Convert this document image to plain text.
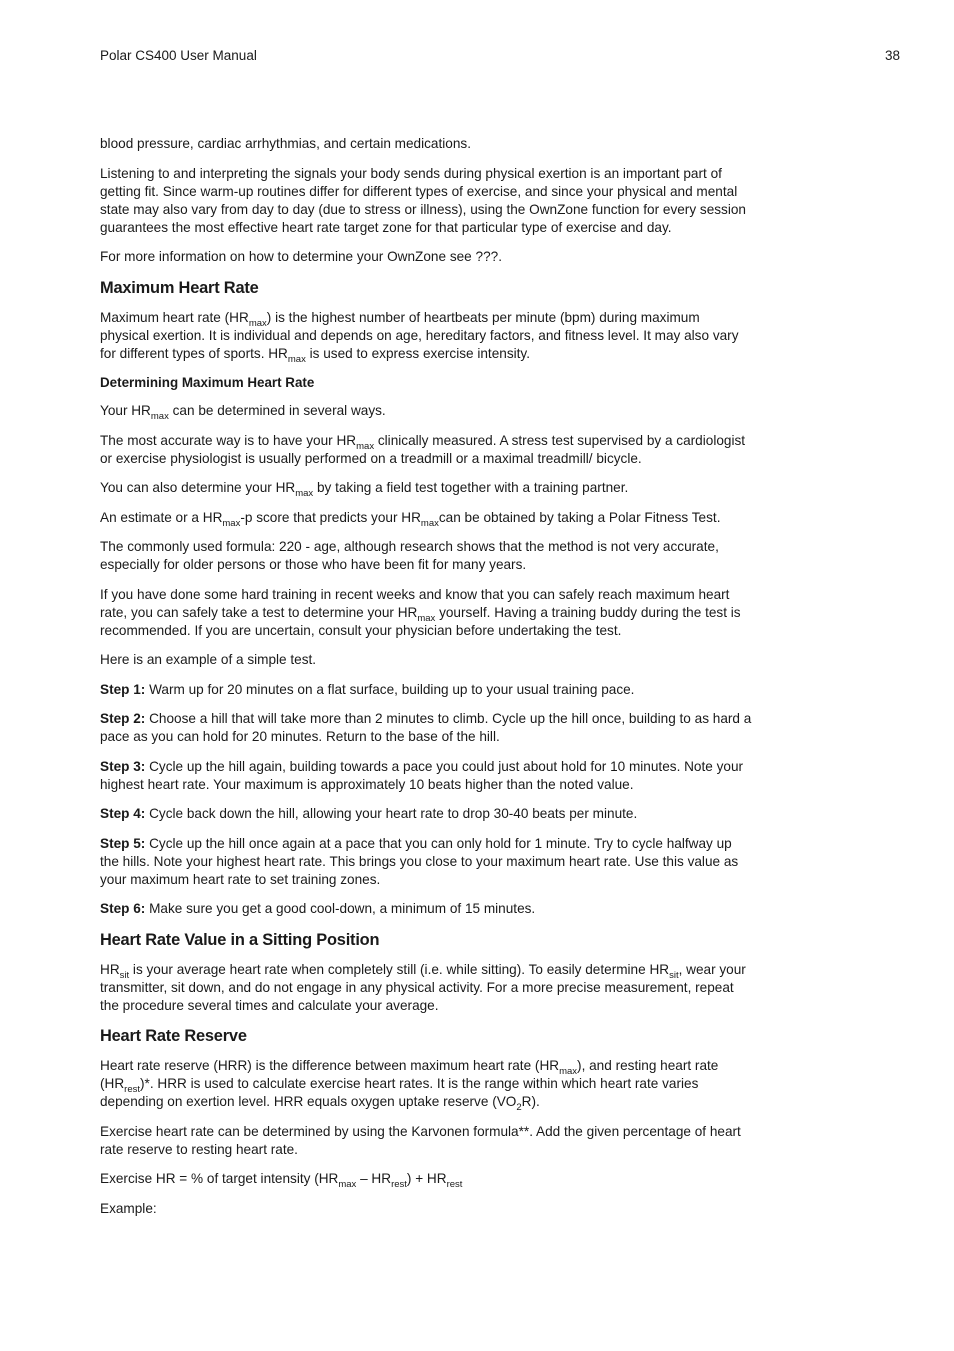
Polar CS400 User Manual	38

blood pressure, cardiac arrhythmias, and certain medications.

Listening to and interpreting the signals your body sends during physical exertion is an important part of getting fit. Since warm-up routines differ for different types of exercise, and since your physical and mental state may also vary from day to day (due to stress or illness), using the OwnZone function for every session guarantees the most effective heart rate target zone for that particular type of exercise and day.

For more information on how to determine your OwnZone see ???.

Maximum Heart Rate

Maximum heart rate $(HR_{max})$ is the highest number of heartbeats per minute (bpm) during maximum physical exertion. It is individual and depends on age, hereditary factors, and fitness level. It may also vary for different types of sports. $HR_{max}$ is used to express exercise intensity.

Determining Maximum Heart Rate

Your $HR_{max}$ can be determined in several ways.

The most accurate way is to have your $HR_{max}$ clinically measured. A stress test supervised by a cardiologist or exercise physiologist is usually performed on a treadmill or a maximal treadmill/ bicycle.

You can also determine your $HR_{max}$ by taking a field test together with a training partner.

An estimate or a $HR_{max}-p$ score that predicts your $HR_{max}can$ be obtained by taking a Polar Fitness Test.

The commonly used formula: 220 - age, although research shows that the method is not very accurate, especially for older persons or those who have been fit for many years.

If you have done some hard training in recent weeks and know that you can safely reach maximum heart rate, you can safely take a test to determine your $HR_{max}$ yourself. Having a training buddy during the test is recommended. If you are uncertain, consult your physician before undertaking the test.

Here is an example of a simple test.

Step 1: Warm up for 20 minutes on a flat surface, building up to your usual training pace.

Step 2: Choose a hill that will take more than 2 minutes to climb. Cycle up the hill once, building to as hard a pace as you can hold for 20 minutes. Return to the base of the hill.

Step 3: Cycle up the hill again, building towards a pace you could just about hold for 10 minutes. Note your highest heart rate. Your maximum is approximately 10 beats higher than the noted value.

Step 4: Cycle back down the hill, allowing your heart rate to drop 30-40 beats per minute.

Step 5: Cycle up the hill once again at a pace that you can only hold for 1 minute. Try to cycle halfway up the hills. Note your highest heart rate. This brings you close to your maximum heart rate. Use this value as your maximum heart rate to set training zones.

Step 6: Make sure you get a good cool-down, a minimum of 15 minutes.

Heart Rate Value in a Sitting Position

$HR_{sit}$ is your average heart rate when completely still (i.e. while sitting). To easily determine $HR_{sit}$, wear your transmitter, sit down, and do not engage in any physical activity. For a more precise measurement, repeat the procedure several times and calculate your average.

Heart Rate Reserve

Heart rate reserve (HRR) is the difference between maximum heart rate $(HR_{max})$, and resting heart rate $(HR_{rest})*$. HRR is used to calculate exercise heart rates. It is the range within which heart rate varies depending on exertion level. HRR equals oxygen uptake reserve $(VO_2R)$.

Exercise heart rate can be determined by using the Karvonen formula**. Add the given percentage of heart rate reserve to resting heart rate.

Exercise HR = % of target intensity $(HR_{max} - HR_{rest}) + HR_{rest}$

Example:
